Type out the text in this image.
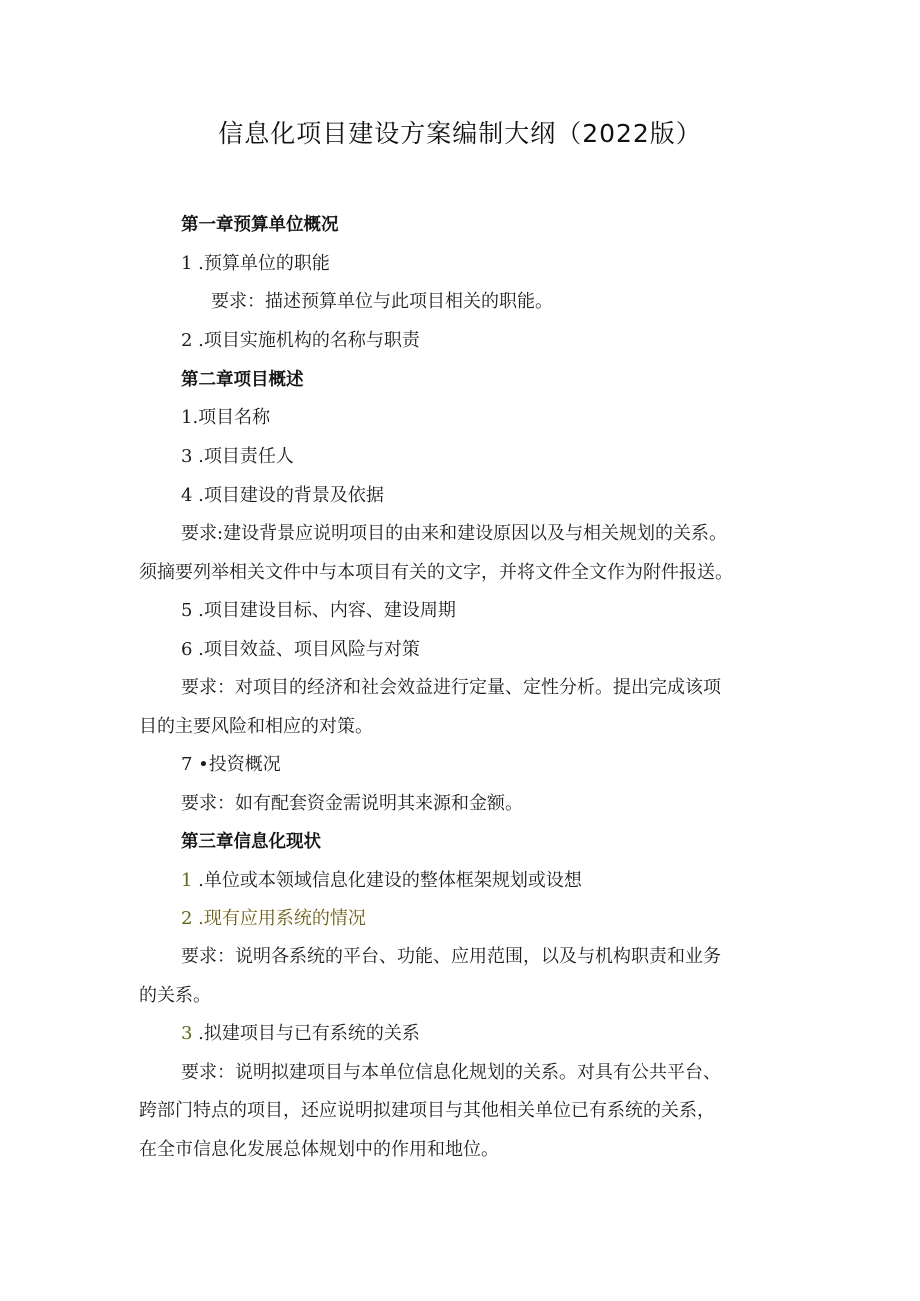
信息化项目建设方案编制大纲（2022版）
第一章预算单位概况
1 .预算单位的职能
要求：描述预算单位与此项目相关的职能。
2 .项目实施机构的名称与职责
第二章项目概述
1.项目名称
3 .项目责任人
4 .项目建设的背景及依据
要求:建设背景应说明项目的由来和建设原因以及与相关规划的关系。
须摘要列举相关文件中与本项目有关的文字，并将文件全文作为附件报送。
5 .项目建设目标、内容、建设周期
6 .项目效益、项目风险与对策
要求：对项目的经济和社会效益进行定量、定性分析。提出完成该项
目的主要风险和相应的对策。
7 •投资概况
要求：如有配套资金需说明其来源和金额。
第三章信息化现状
1 .单位或本领域信息化建设的整体框架规划或设想
2 .现有应用系统的情况
要求：说明各系统的平台、功能、应用范围，以及与机构职责和业务
的关系。
3 .拟建项目与已有系统的关系
要求：说明拟建项目与本单位信息化规划的关系。对具有公共平台、
跨部门特点的项目，还应说明拟建项目与其他相关单位已有系统的关系，
在全市信息化发展总体规划中的作用和地位。
